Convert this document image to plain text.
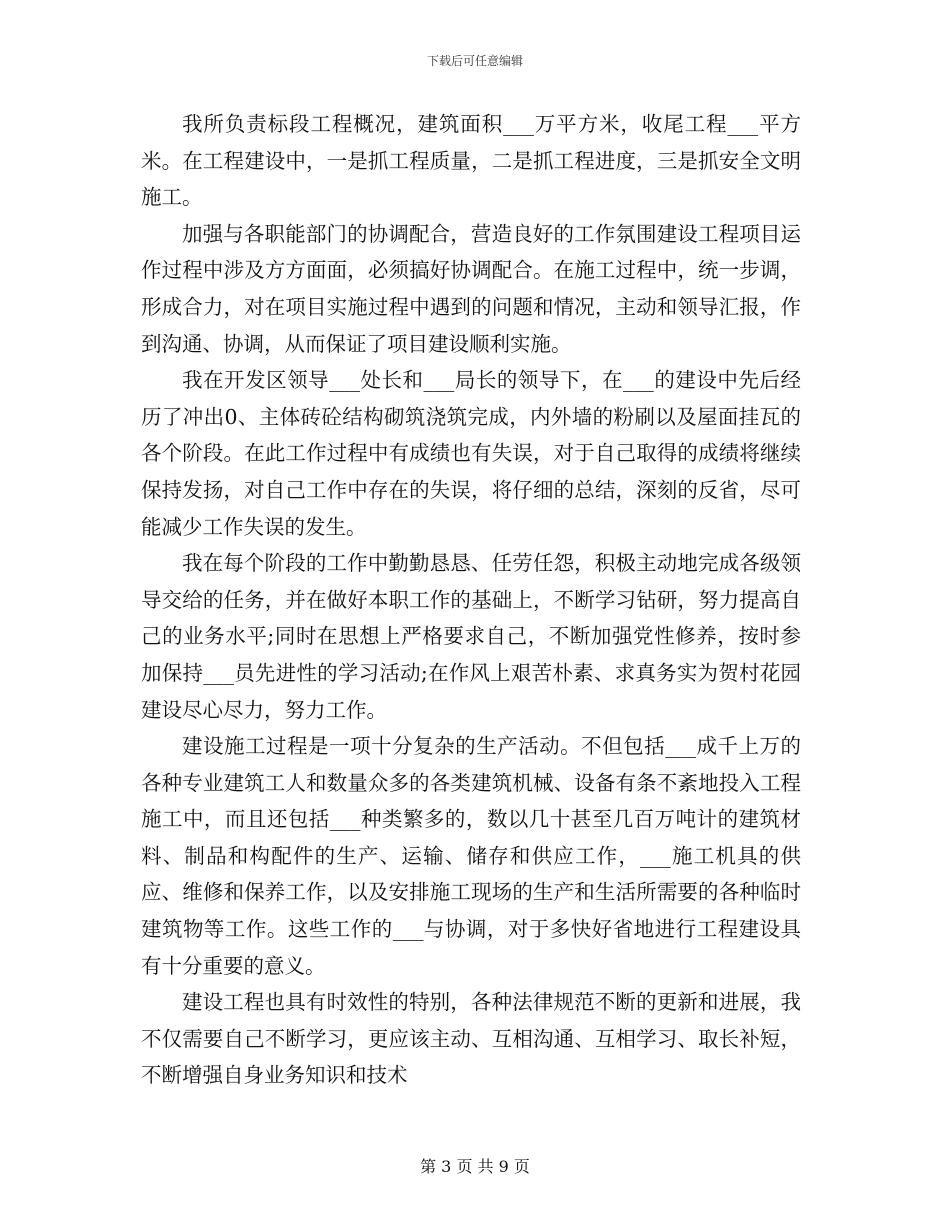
下载后可任意编辑

我所负责标段工程概况，建筑面积___万平方米，收尾工程___平方米。在工程建设中，一是抓工程质量，二是抓工程进度，三是抓安全文明施工。

加强与各职能部门的协调配合，营造良好的工作氛围建设工程项目运作过程中涉及方方面面，必须搞好协调配合。在施工过程中，统一步调，形成合力，对在项目实施过程中遇到的问题和情况，主动和领导汇报，作到沟通、协调，从而保证了项目建设顺利实施。

我在开发区领导___处长和___局长的领导下，在___的建设中先后经历了冲出0、主体砖砼结构砌筑浇筑完成，内外墙的粉刷以及屋面挂瓦的各个阶段。在此工作过程中有成绩也有失误，对于自己取得的成绩将继续保持发扬，对自己工作中存在的失误，将仔细的总结，深刻的反省，尽可能减少工作失误的发生。

我在每个阶段的工作中勤勤恳恳、任劳任怨，积极主动地完成各级领导交给的任务，并在做好本职工作的基础上，不断学习钻研，努力提高自己的业务水平;同时在思想上严格要求自己，不断加强党性修养，按时参加保持___员先进性的学习活动;在作风上艰苦朴素、求真务实为贺村花园建设尽心尽力，努力工作。

建设施工过程是一项十分复杂的生产活动。不但包括___成千上万的各种专业建筑工人和数量众多的各类建筑机械、设备有条不紊地投入工程施工中，而且还包括___种类繁多的，数以几十甚至几百万吨计的建筑材料、制品和构配件的生产、运输、储存和供应工作，___施工机具的供应、维修和保养工作，以及安排施工现场的生产和生活所需要的各种临时建筑物等工作。这些工作的___与协调，对于多快好省地进行工程建设具有十分重要的意义。

建设工程也具有时效性的特别，各种法律规范不断的更新和进展，我不仅需要自己不断学习，更应该主动、互相沟通、互相学习、取长补短，不断增强自身业务知识和技术

第 3 页 共 9 页
